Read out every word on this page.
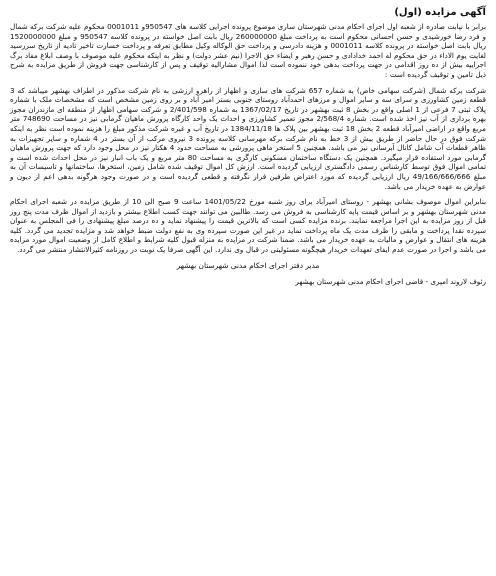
آگهی مزایده (اول)

برابر با نیابت صادره از شعبه اول اجرای احکام مدنی شهرستان ساری موضوع پرونده اجرایی کلاسه های 950547و 0001011 محکوم علیه شرکت برکه شمال و فرد رضا خورشیدی و حسن احسانی محکوم است به پرداخت مبلغ 260000000 ریال بابت اصل خواسته در پرونده کلاسه 950547 و مبلغ 1520000000 ریال بابت اصل خواسته در پرونده کلاسه 0001011 و هزینه دادرسی و پرداخت حق الوکاله وکیل مطابق تعرفه و پرداخت خسارت تاخیر تادیه از تاریخ سررسید لغایت یوم الاداء در حق محکوم له احمد خدادادی و حسن رهبر و ایضاء حق الاجرا (نیم عشر دولت) و نظر به اینکه محکوم علیه موصوف با وصف ابلاغ مفاد برگ اجراییه بیش از ده روز اقدامی در جهت پرداخت بدهی خود ننموده است لذا اموال مشارالیه توقیف و پس از کارشناسی جهت فروش از طریق مزایده به شرح ذیل تامین و توقیف گردیده است :

شرکت برکه شمال (شرکت سهامی خاص) به شماره 657 شرکت های ساری و اظهار از راهرو ارزشی به نام شرکت مذکور در اطراف بهشهر میباشد که 3 قطعه زمین کشاورزی و سرای سه و سایر اموال و مرزهای احمدآباد روستای جنوبی بستر امیر آباد و بر روی زمین مشخص است که مشخصات ملک با شماره پلاک ثبتی 7 فرعی از 1 اصلی واقع در بخش 8 ثبت بهشهر در تاریخ 1367/02/17 به شماره 2/401/598 و شرکت سهامی اظهار از منطقه ای مازندران مجوز بهره برداری از آب نیز اخذ شده است. شماره 2/568/4 مجوز تعمیر کشاورزی و احداث یک واحد کارگاه پرورش ماهیان گرمابی نیز در مساحت 748690 متر مربع واقع در اراضی امیرآباد قطعه 2 بخش 18 ثبت بهشهر بین پلاک ها 1384/11/18 در تاریخ آب و غیره شرکت مذکور مبلغ را هزینه نموده است نظر به اینکه شرکت فوق در حال حاضر از طریق بیش از 3 خط به نام شرکت برکه مهرسانی کلاسه پرونده 3 نیروی مرکب از آن بستر در 4 شماره و سایر تجهیزات به ظاهر قطعات آب شامل کانال آبرسانی نیز می باشد. همچنین 5 استخر ماهی پرورشی به مساحت حدود 4 هکتار نیز در محل وجود دارد که جهت پرورش ماهیان گرمابی مورد استفاده قرار میگیرد. همچنین یک دستگاه ساختمان مسکونی کارگری به مساحت 80 متر مربع و یک باب انبار نیز در محل احداث شده است و تمامی اموال فوق توسط کارشناس رسمی دادگستری ارزیابی گردیده است. ارزش کل اموال توقیف شده شامل زمین، استخرها، ساختمانها و تاسیسات آن به مبلغ 49/166/666/666 ریال ارزیابی گردیده که مورد اعتراض طرفین قرار نگرفته و قطعی گردیده است و در صورت وجود هرگونه بدهی اعم از دیون و عوارض به عهده خریدار می باشد.

بنابراین اموال موصوف بشانی بهشهر - روستای امیرآباد برای روز شنبه مورخ 1401/05/22 ساعت 9 صبح الی 10 از طریق مزایده در شعبه اجرای احکام مدنی شهرستان بهشهر و بر اساس قیمت پایه کارشناسی به فروش می رسد. طالبین می توانند جهت کسب اطلاع بیشتر و بازدید از اموال ظرف مدت پنج روز قبل از روز مزایده به این اجرا مراجعه نمایند. برنده مزایده کسی است که بالاترین قیمت را پیشنهاد نماید و ده درصد مبلغ پیشنهادی را فی المجلس به عنوان سپرده نقدا پرداخت و مابقی را ظرف مدت یک ماه پرداخت نماید در غیر این صورت سپرده وی به نفع دولت ضبط خواهد شد و مزایده تجدید می گردد. کلیه هزینه های انتقال و عوارض و مالیات به عهده خریدار می باشد. ضمنا شرکت در مزایده به منزله قبول کلیه شرایط و اطلاع کامل از وضعیت اموال مورد مزایده می باشد و اجرا در صورت عدم ایفای تعهدات خریدار هیچگونه مسئولیتی در قبال وی ندارد. این آگهی صرفا یک نوبت در روزنامه کثیرالانتشار منتشر می گردد.

مدیر دفتر اجرای احکام مدنی شهرستان بهشهر
رئوف لاروند امیری - قاضی اجرای احکام مدنی شهرستان بهشهر
